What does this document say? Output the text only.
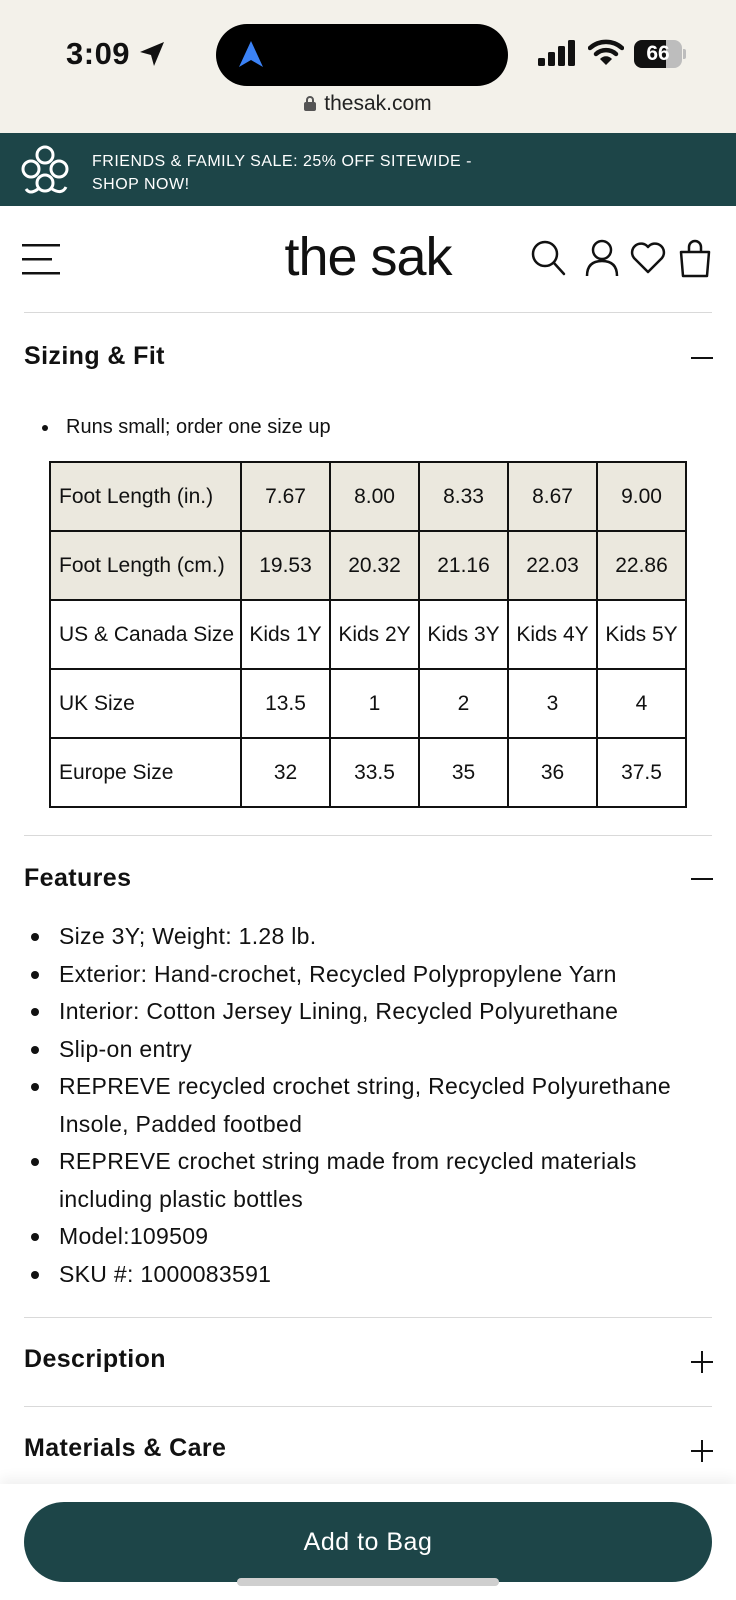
3:09	66
thesak.com
FRIENDS & FAMILY SALE: 25% OFF SITEWIDE - SHOP NOW!
the sak
Sizing & Fit
Runs small; order one size up
Foot Length (in.)	7.67	8.00	8.33	8.67	9.00
Foot Length (cm.)	19.53	20.32	21.16	22.03	22.86
US & Canada Size	Kids 1Y	Kids 2Y	Kids 3Y	Kids 4Y	Kids 5Y
UK Size	13.5	1	2	3	4
Europe Size	32	33.5	35	36	37.5
Features
Size 3Y; Weight: 1.28 lb.
Exterior: Hand-crochet, Recycled Polypropylene Yarn
Interior: Cotton Jersey Lining, Recycled Polyurethane
Slip-on entry
REPREVE recycled crochet string, Recycled Polyurethane Insole, Padded footbed
REPREVE crochet string made from recycled materials including plastic bottles
Model:109509
SKU #: 1000083591
Description
Materials & Care
Add to Bag
